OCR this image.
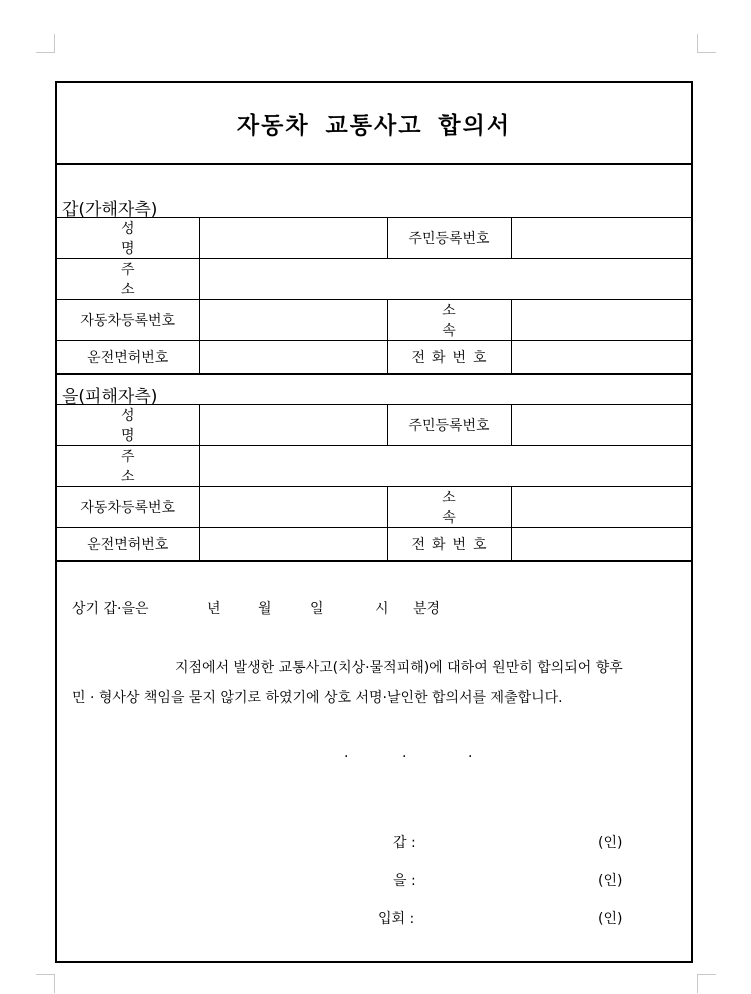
자동차 교통사고 합의서
갑(가해자측)
성 명		주민등록번호	
주 소			
자동차등록번호		소 속	
운전면허번호		전화번호	
을(피해자측)
성 명		주민등록번호	
주 소			
자동차등록번호		소 속	
운전면허번호		전화번호	
상기 갑·을은	년	월	일	시 분경
지점에서 발생한 교통사고(치상·물적피해)에 대하여 원만히 합의되어 향후
민 · 형사상 책임을 묻지 않기로 하였기에 상호 서명·날인한 합의서를 제출합니다.
.	.	.
갑 :	(인)
을 :	(인)
입회 :	(인)
